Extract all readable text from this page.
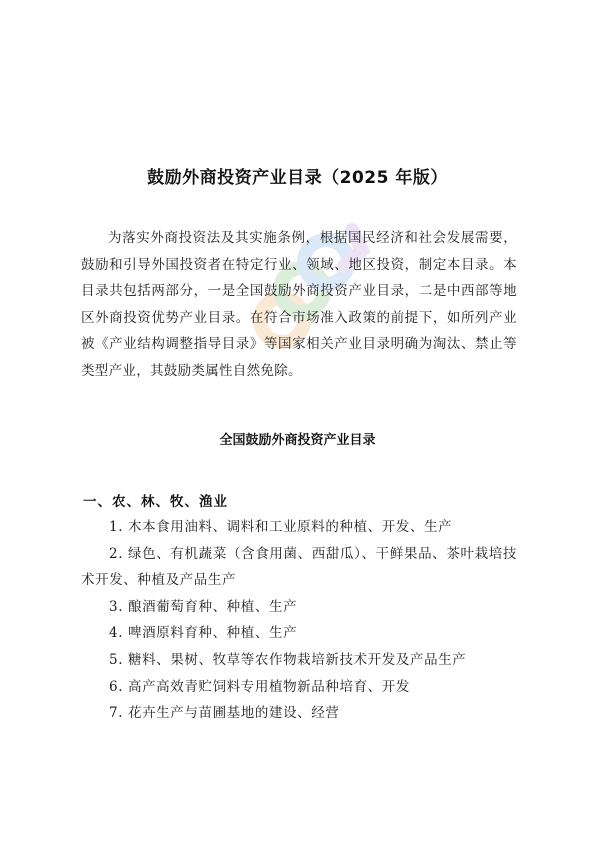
鼓励外商投资产业目录（2025 年版）

为落实外商投资法及其实施条例，根据国民经济和社会发展需要，鼓励和引导外国投资者在特定行业、领域、地区投资，制定本目录。本目录共包括两部分，一是全国鼓励外商投资产业目录，二是中西部等地区外商投资优势产业目录。在符合市场准入政策的前提下，如所列产业被《产业结构调整指导目录》等国家相关产业目录明确为淘汰、禁止等类型产业，其鼓励类属性自然免除。

全国鼓励外商投资产业目录
一、农、林、牧、渔业
1. 木本食用油料、调料和工业原料的种植、开发、生产
2. 绿色、有机蔬菜（含食用菌、西甜瓜）、干鲜果品、茶叶栽培技术开发、种植及产品生产
3. 酿酒葡萄育种、种植、生产
4. 啤酒原料育种、种植、生产
5. 糖料、果树、牧草等农作物栽培新技术开发及产品生产
6. 高产高效青贮饲料专用植物新品种培育、开发
7. 花卉生产与苗圃基地的建设、经营
